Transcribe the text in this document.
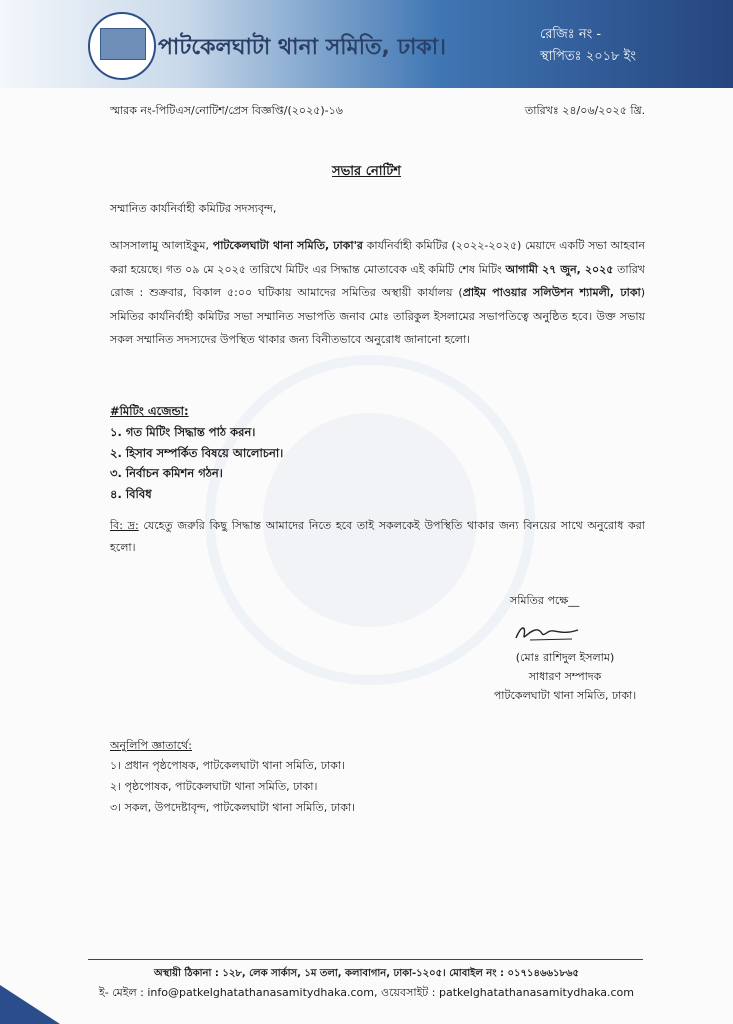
পাটকেলঘাটা থানা সমিতি, ঢাকা।
রেজিঃ নং -
স্থাপিতঃ ২০১৮ ইং
স্মারক নং-পিটিএস/নোটিশ/প্রেস বিজ্ঞপ্তি/(২০২৫)-১৬	তারিখঃ ২৪/০৬/২০২৫ খ্রি.
সভার নোটিশ
সম্মানিত কার্যনির্বাহী কমিটির সদস্যবৃন্দ,
আসসালামু আলাইকুম, পাটকেলঘাটা থানা সমিতি, ঢাকা'র কার্যনির্বাহী কমিটির (২০২২-২০২৫) মেয়াদে একটি সভা আহবান করা হয়েছে। গত ০৯ মে ২০২৫ তারিখে মিটিং এর সিদ্ধান্ত মোতাবেক এই কমিটি শেষ মিটিং আগামী ২৭ জুন, ২০২৫ তারিখ রোজ : শুক্রবার, বিকাল ৫:০০ ঘটিকায় আমাদের সমিতির অস্থায়ী কার্যালয় (প্রাইম পাওয়ার সলিউশন শ্যামলী, ঢাকা) সমিতির কার্যনির্বাহী কমিটির সভা সম্মানিত সভাপতি জনাব মোঃ তারিকুল ইসলামের সভাপতিত্বে অনুষ্ঠিত হবে। উক্ত সভায় সকল সম্মানিত সদস্যদের উপস্থিত থাকার জন্য বিনীতভাবে অনুরোধ জানানো হলো।
#মিটিং এজেন্ডা:
১. গত মিটিং সিদ্ধান্ত পাঠ করন।
২. হিসাব সম্পর্কিত বিষয়ে আলোচনা।
৩. নির্বাচন কমিশন গঠন।
৪. বিবিধ
বি: দ্র: যেহেতু জরুরি কিছু সিদ্ধান্ত আমাদের নিতে হবে তাই সকলকেই উপস্থিতি থাকার জন্য বিনয়ের সাথে অনুরোধ করা হলো।
সমিতির পক্ষে__
(মোঃ রাশিদুল ইসলাম)
সাধারণ সম্পাদক
পাটকেলঘাটা থানা সমিতি, ঢাকা।
অনুলিপি জ্ঞাতার্থে:
১। প্রধান পৃষ্ঠপোষক, পাটকেলঘাটা থানা সমিতি, ঢাকা।
২। পৃষ্ঠপোষক, পাটকেলঘাটা থানা সমিতি, ঢাকা।
৩। সকল, উপদেষ্টাবৃন্দ, পাটকেলঘাটা থানা সমিতি, ঢাকা।
অস্থায়ী ঠিকানা : ১২৮, লেক সার্কাস, ১ম তলা, কলাবাগান, ঢাকা-১২০৫। মোবাইল নং : ০১৭১৪৬৬১৮৬৫
ই- মেইল : info@patkelghatathanasamitydhaka.com, ওয়েবসাইট : patkelghatathanasamitydhaka.com
